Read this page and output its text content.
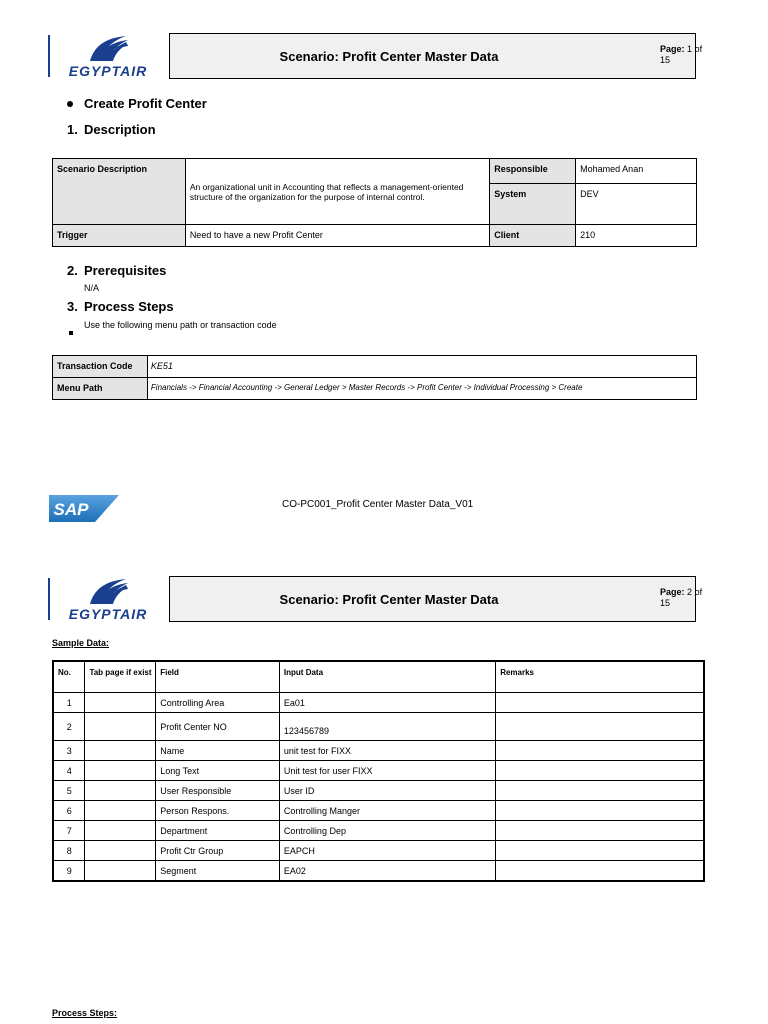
EGYPTAIR
Scenario: Profit Center Master Data	Page: 1 of
15
Create Profit Center
1. Description
Scenario Description	An organizational unit in Accounting that reflects a management-oriented structure of the organization for the purpose of internal control.	Responsible	Mohamed Anan
		System	DEV
Trigger	Need to have a new Profit Center	Client	210
2. Prerequisites
N/A
3. Process Steps
Use the following menu path or transaction code
Transaction Code	KE51
Menu Path	Financials -> Financial Accounting -> General Ledger > Master Records -> Profit Center -> Individual Processing > Create
SAP	CO-PC001_Profit Center Master Data_V01
EGYPTAIR
Scenario: Profit Center Master Data	Page: 2 of
15
Sample Data:
No.	Tab page if exist	Field	Input Data	Remarks
1		Controlling Area	Ea01	
2		Profit Center NO	123456789	
3		Name	unit test for FIXX	
4		Long Text	Unit test for user FIXX	
5		User Responsible	User ID	
6		Person Respons.	Controlling Manger	
7		Department	Controlling Dep	
8		Profit Ctr Group	EAPCH	
9		Segment	EA02	
Process Steps:
